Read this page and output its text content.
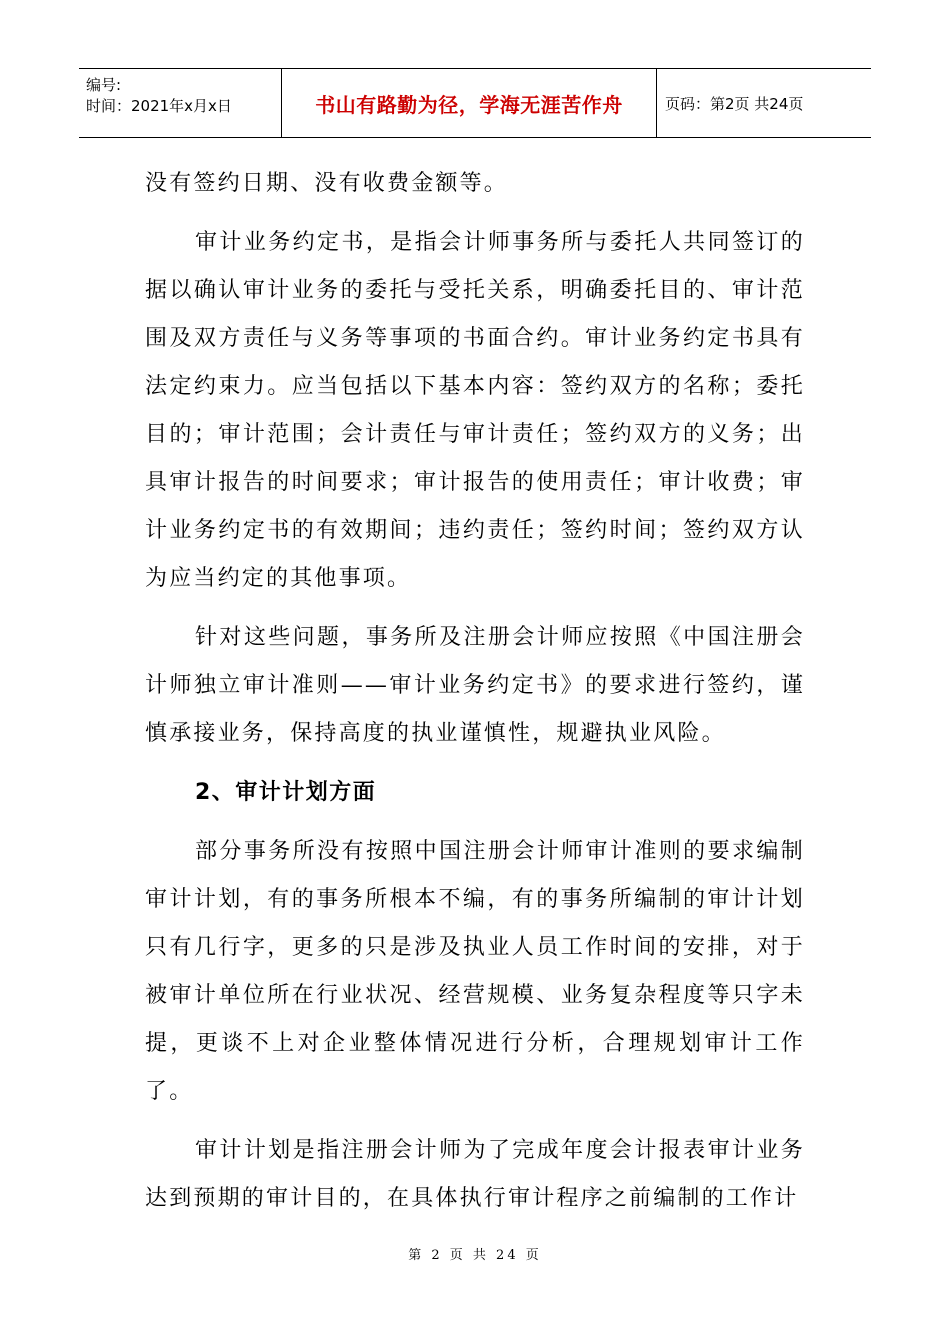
编号:
时间：2021年x月x日	书山有路勤为径，学海无涯苦作舟	页码：第2页 共24页

没有签约日期、没有收费金额等。

审计业务约定书，是指会计师事务所与委托人共同签订的据以确认审计业务的委托与受托关系，明确委托目的、审计范围及双方责任与义务等事项的书面合约。审计业务约定书具有法定约束力。应当包括以下基本内容：签约双方的名称；委托目的；审计范围；会计责任与审计责任；签约双方的义务；出具审计报告的时间要求；审计报告的使用责任；审计收费；审计业务约定书的有效期间；违约责任；签约时间；签约双方认为应当约定的其他事项。

针对这些问题，事务所及注册会计师应按照《中国注册会计师独立审计准则——审计业务约定书》的要求进行签约，谨慎承接业务，保持高度的执业谨慎性，规避执业风险。

2、审计计划方面

部分事务所没有按照中国注册会计师审计准则的要求编制审计计划，有的事务所根本不编，有的事务所编制的审计计划只有几行字，更多的只是涉及执业人员工作时间的安排，对于被审计单位所在行业状况、经营规模、业务复杂程度等只字未提，更谈不上对企业整体情况进行分析，合理规划审计工作了。

审计计划是指注册会计师为了完成年度会计报表审计业务达到预期的审计目的，在具体执行审计程序之前编制的工作计

第 2 页 共 24 页
